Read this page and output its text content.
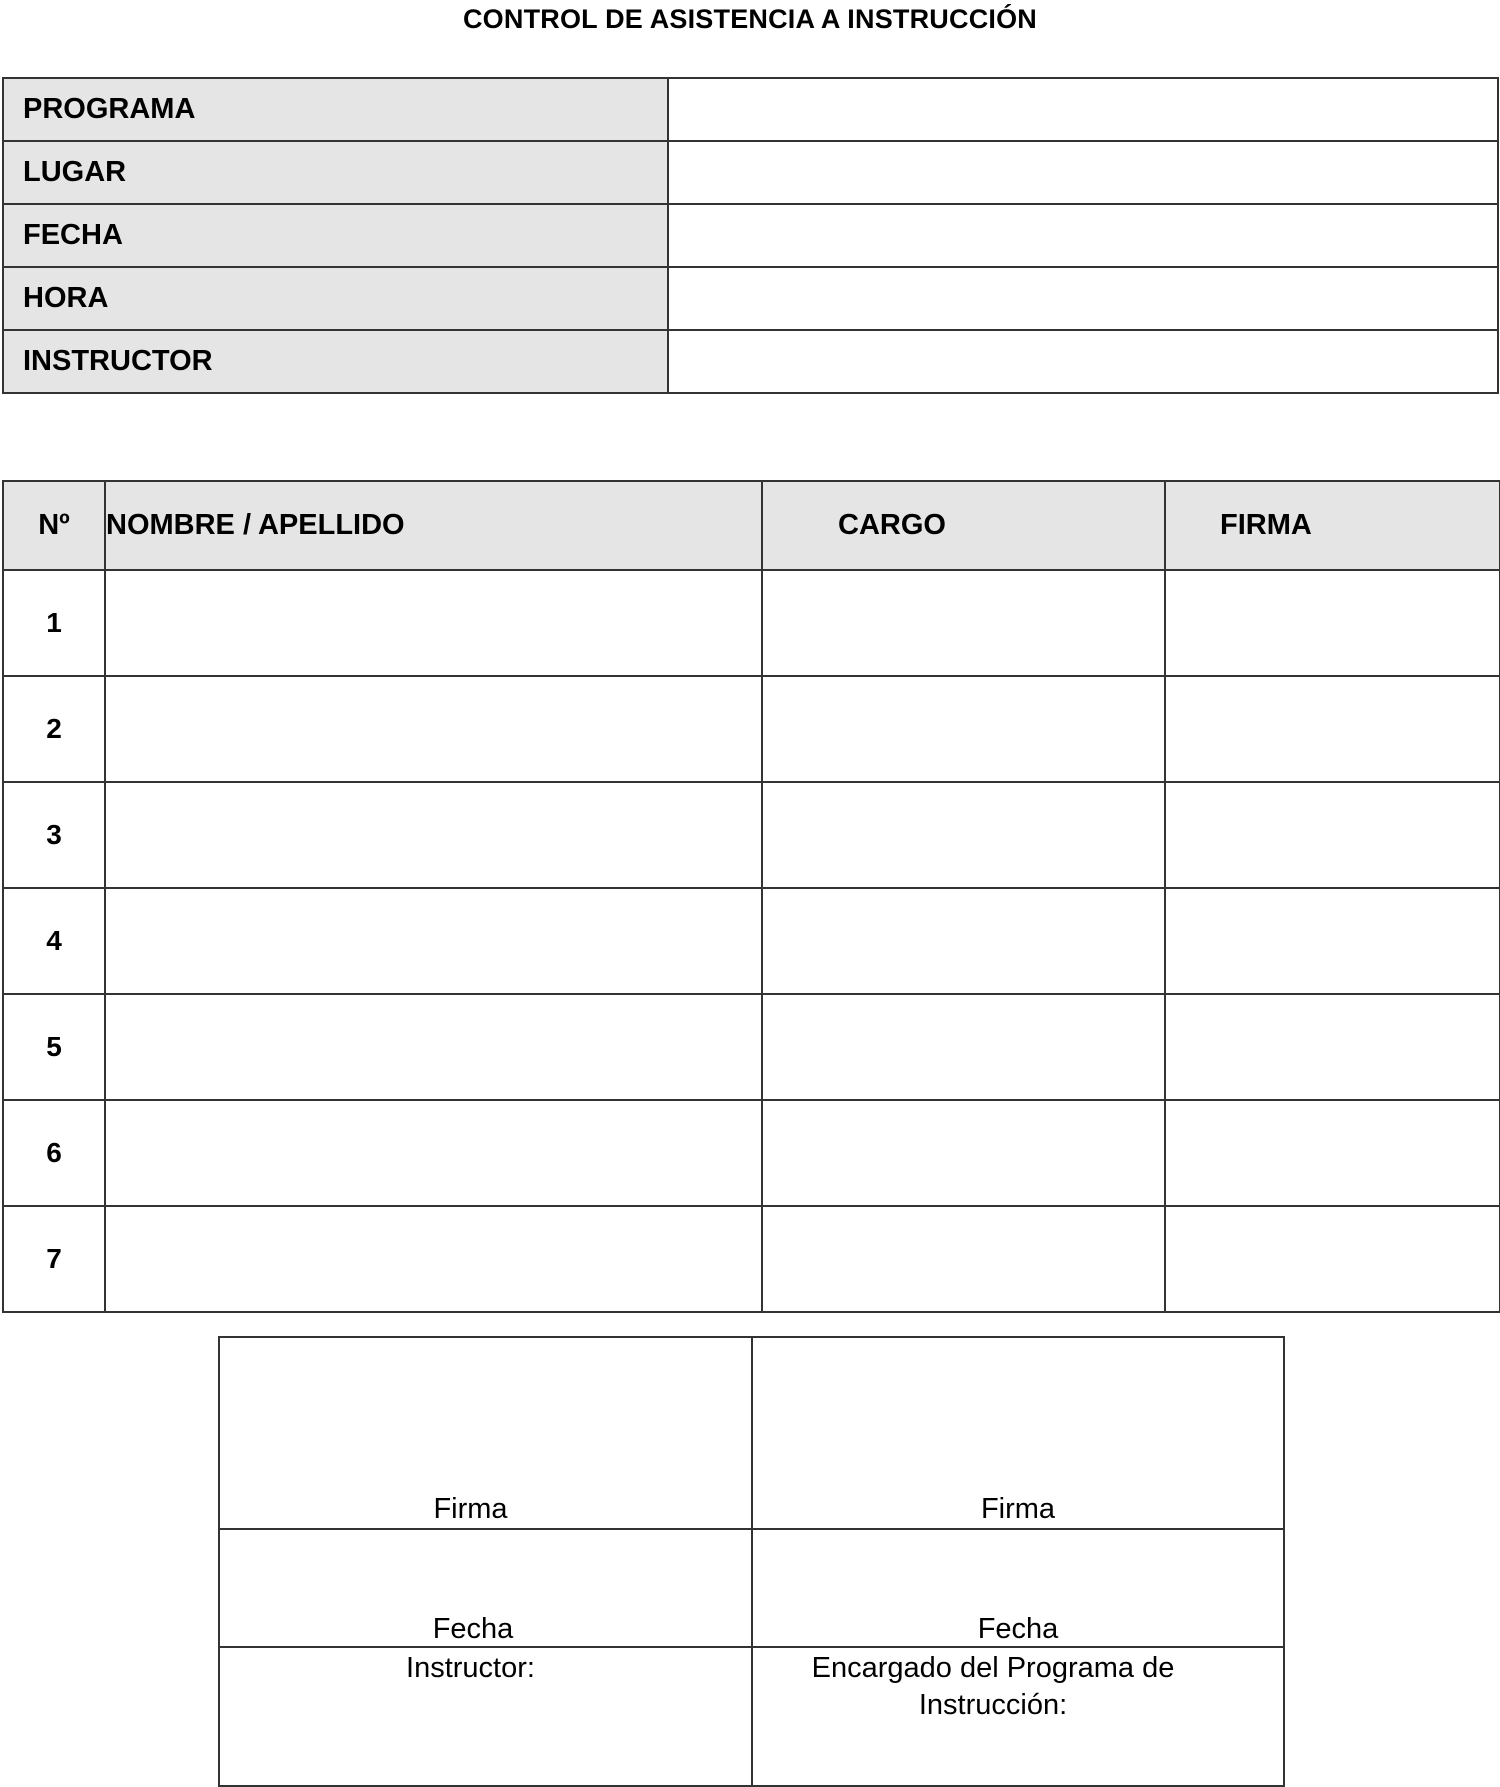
CONTROL DE ASISTENCIA A INSTRUCCIÓN
PROGRAMA	
LUGAR	
FECHA	
HORA	
INSTRUCTOR	
Nº	NOMBRE / APELLIDO	CARGO	FIRMA
1			
2			
3			
4			
5			
6			
7			
Firma	Firma
Fecha	Fecha
Instructor:	Encargado del Programa de Instrucción:
